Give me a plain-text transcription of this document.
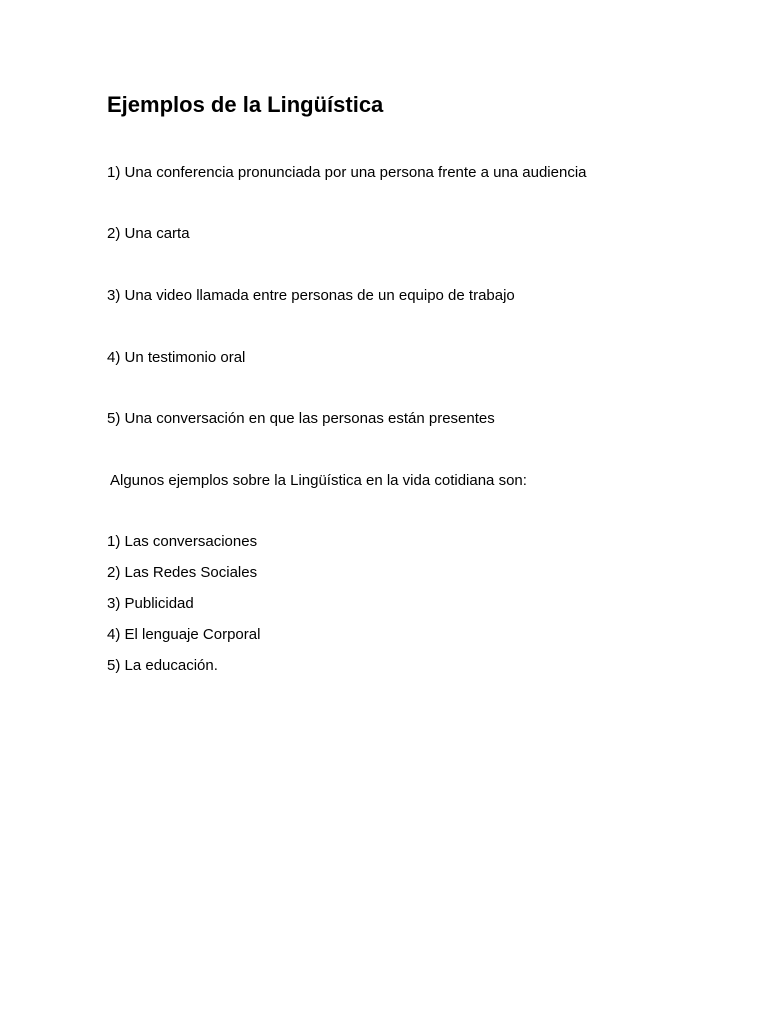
Ejemplos de la Lingüística

1) Una conferencia pronunciada por una persona frente a una audiencia

2) Una carta

3) Una video llamada entre personas de un equipo de trabajo

4) Un testimonio oral

5) Una conversación en que las personas están presentes

Algunos ejemplos sobre la Lingüística en la vida cotidiana son:

1) Las conversaciones

2) Las Redes Sociales

3) Publicidad

4) El lenguaje Corporal

5) La educación.
